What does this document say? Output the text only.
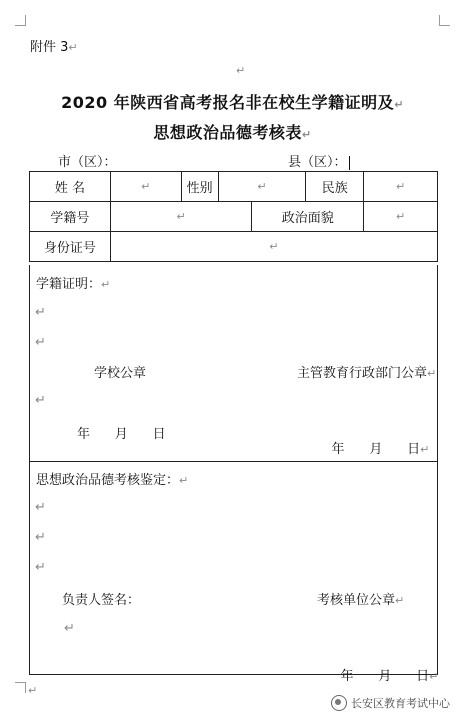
附件 3↵
↵
2020 年陕西省高考报名非在校生学籍证明及↵
思想政治品德考核表↵
市（区）：	县（区）：
姓 名	↵	性别	↵		民族	↵
学籍号	↵			政治面貌		↵
身份证号	↵					
学籍证明：↵
↵
↵
学校公章	主管教育行政部门公章↵
↵
年      月      日

年      月      日↵

思想政治品德考核鉴定：↵
↵
↵
↵
负责人签名：	考核单位公章↵
↵

年      月      日↵

↵
长安区教育考试中心
